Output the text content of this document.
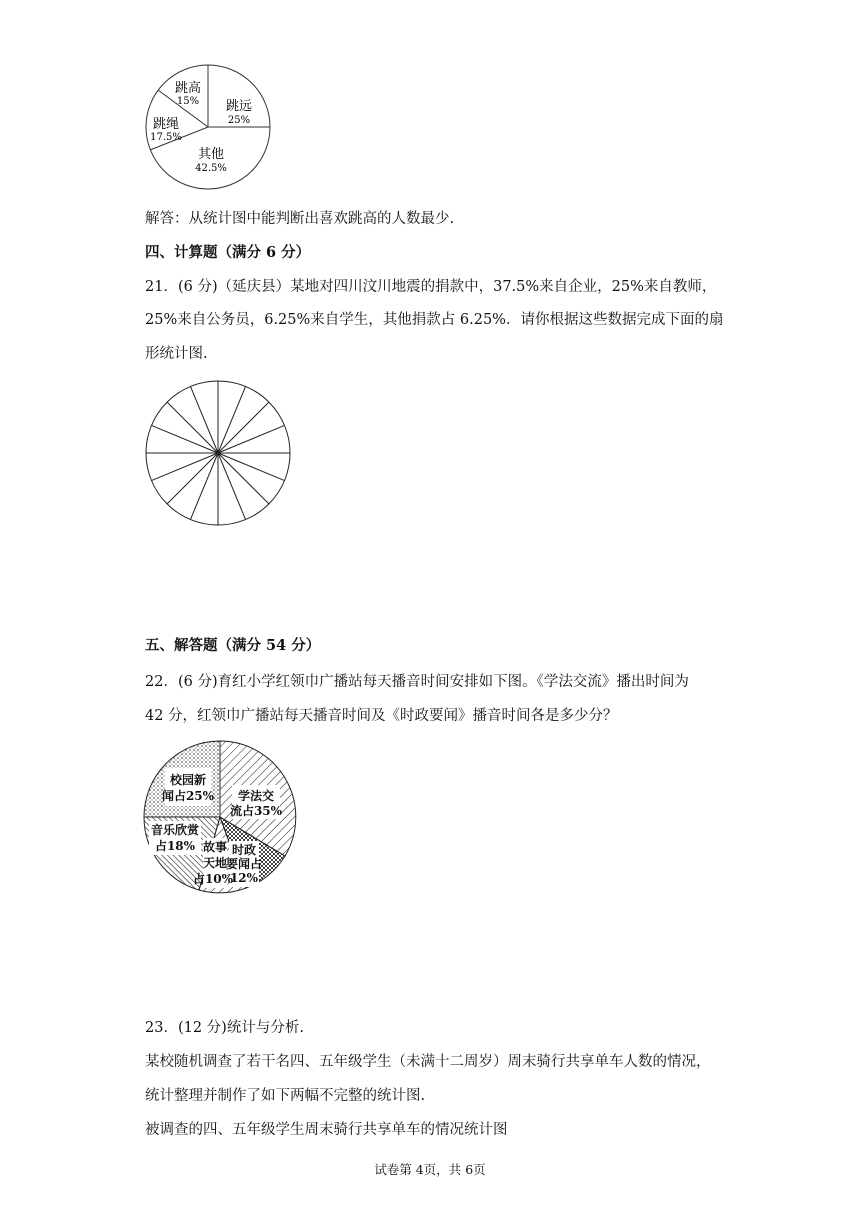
跳远
25%
其他
42.5%
跳绳
17.5%
跳高
15%
解答：从统计图中能判断出喜欢跳高的人数最少.
四、计算题（满分 6 分）
21．(6 分)（延庆县）某地对四川汶川地震的捐款中，37.5%来自企业，25%来自教师，
25%来自公务员，6.25%来自学生，其他捐款占 6.25%．请你根据这些数据完成下面的扇
形统计图.
五、解答题（满分 54 分）
22．(6 分)育红小学红领巾广播站每天播音时间安排如下图。《学法交流》播出时间为
42 分，红领巾广播站每天播音时间及《时政要闻》播音时间各是多少分？
校园新
闻占25% 学法交
流占35%
音乐欣赏
占18% 故事
天地
占10%
时政
要闻占
12%
23．(12 分)统计与分析.
某校随机调查了若干名四、五年级学生（未满十二周岁）周末骑行共享单车人数的情况，
统计整理并制作了如下两幅不完整的统计图.
被调查的四、五年级学生周末骑行共享单车的情况统计图
试卷第 4页，共 6页
